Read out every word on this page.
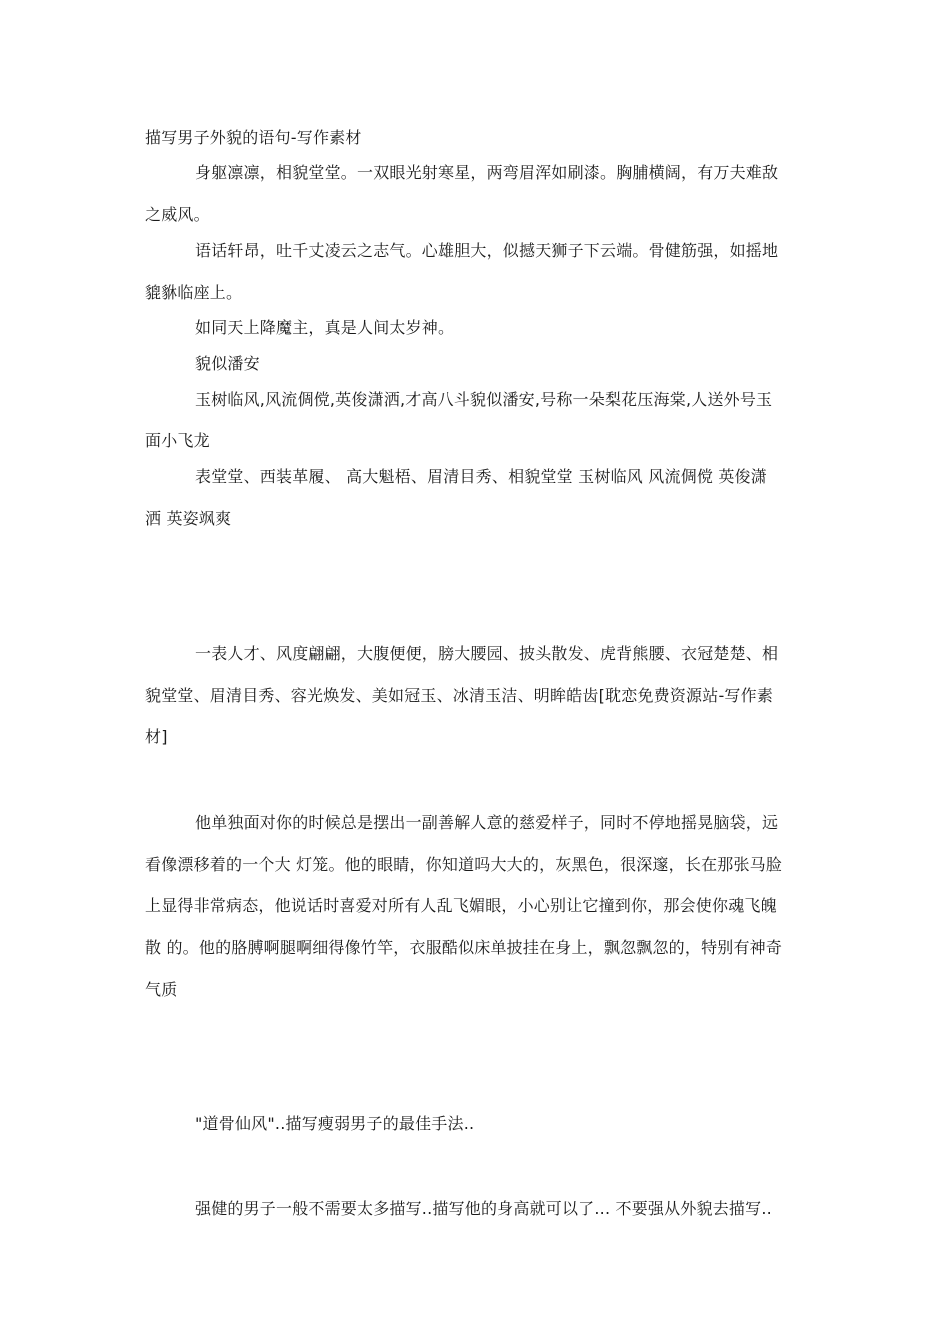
描写男子外貌的语句-写作素材
身躯凛凛，相貌堂堂。一双眼光射寒星，两弯眉浑如刷漆。胸脯横阔，有万夫难敌
之威风。
语话轩昂，吐千丈凌云之志气。心雄胆大，似撼天狮子下云端。骨健筋强，如摇地
貔貅临座上。
如同天上降魔主，真是人间太岁神。
貌似潘安
玉树临风,风流倜傥,英俊潇洒,才高八斗貌似潘安,号称一朵梨花压海棠,人送外号玉
面小飞龙
表堂堂、西装革履、 高大魁梧、眉清目秀、相貌堂堂 玉树临风 风流倜傥 英俊潇
洒 英姿飒爽
一表人才、风度翩翩，大腹便便，膀大腰园、披头散发、虎背熊腰、衣冠楚楚、相
貌堂堂、眉清目秀、容光焕发、美如冠玉、冰清玉洁、明眸皓齿[耽恋免费资源站-写作素
材]
他单独面对你的时候总是摆出一副善解人意的慈爱样子，同时不停地摇晃脑袋，远
看像漂移着的一个大 灯笼。他的眼睛，你知道吗大大的，灰黑色，很深邃，长在那张马脸
上显得非常病态，他说话时喜爱对所有人乱飞媚眼，小心别让它撞到你，那会使你魂飞魄
散 的。他的胳膊啊腿啊细得像竹竿，衣服酷似床单披挂在身上，飘忽飘忽的，特别有神奇
气质
"道骨仙风"..描写瘦弱男子的最佳手法..
强健的男子一般不需要太多描写..描写他的身高就可以了... 不要强从外貌去描写..
